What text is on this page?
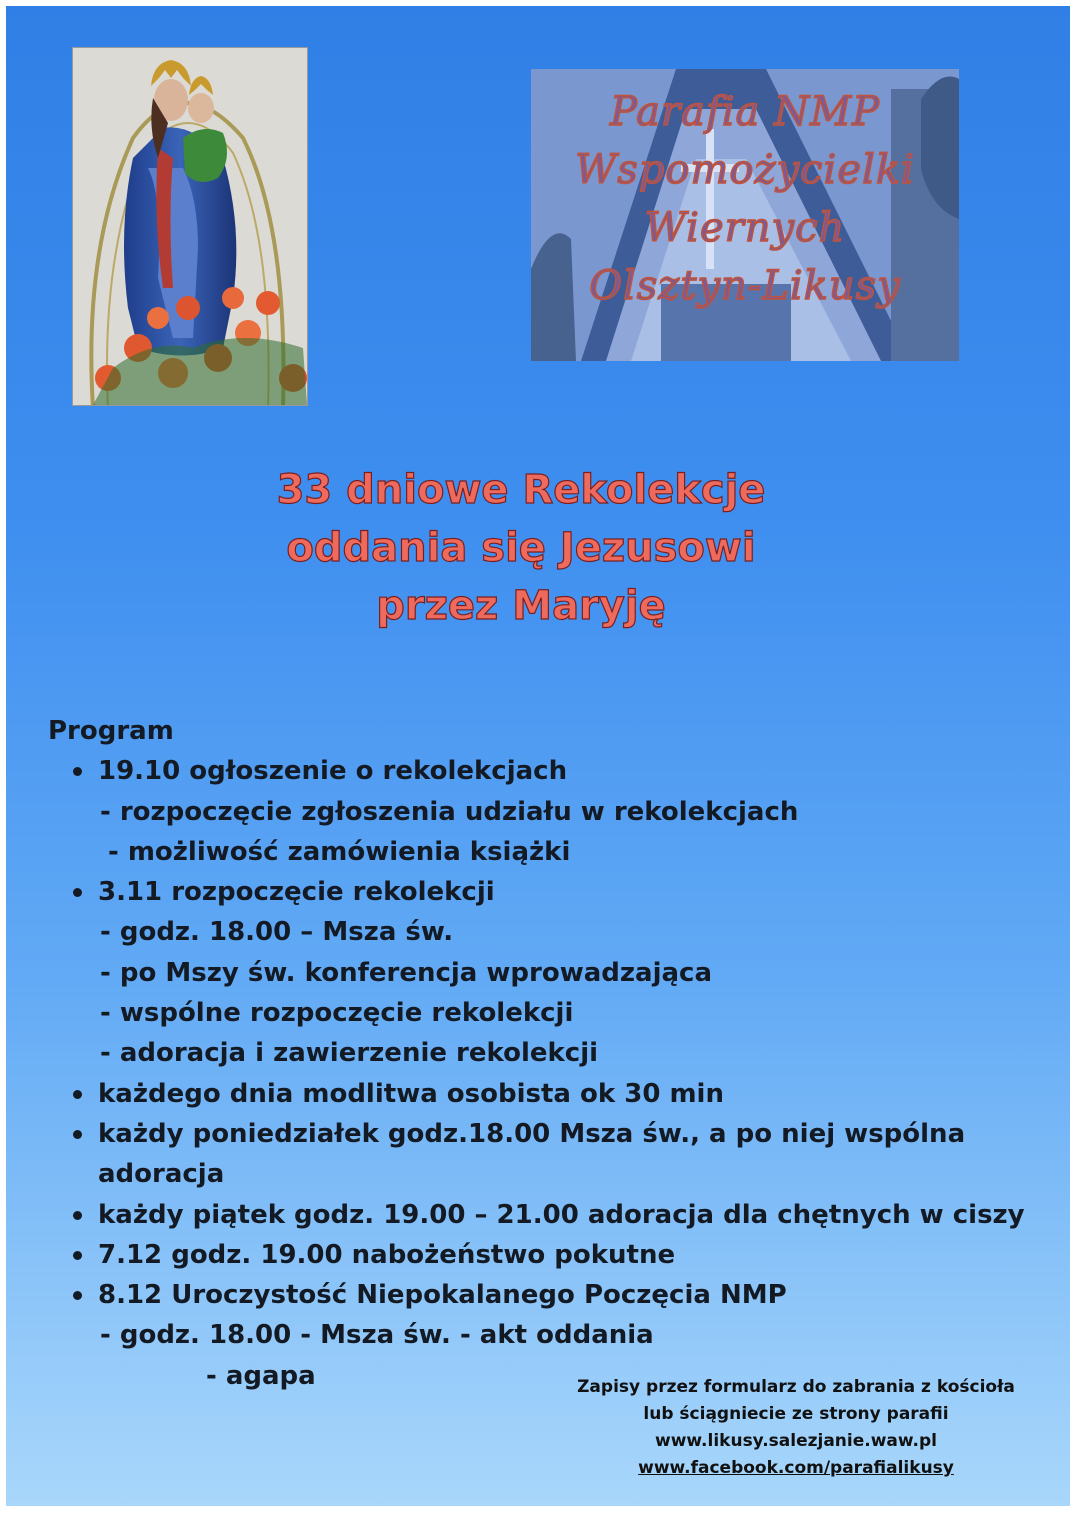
Parafia NMP
Wspomożycielki
Wiernych
Olsztyn-Likusy
33 dniowe Rekolekcje
oddania się Jezusowi
przez Maryję
Program
19.10 ogłoszenie o rekolekcjach
- rozpoczęcie zgłoszenia udziału w rekolekcjach
- możliwość zamówienia książki
3.11 rozpoczęcie rekolekcji
- godz. 18.00 – Msza św.
- po Mszy św. konferencja wprowadzająca
- wspólne rozpoczęcie rekolekcji
- adoracja i zawierzenie rekolekcji
każdego dnia modlitwa osobista ok 30 min
każdy poniedziałek godz.18.00 Msza św., a po niej wspólna
adoracja
każdy piątek godz. 19.00 – 21.00 adoracja dla chętnych w ciszy
7.12 godz. 19.00 nabożeństwo pokutne
8.12 Uroczystość Niepokalanego Poczęcia NMP
- godz. 18.00 - Msza św. - akt oddania
- agapa	Zapisy przez formularz do zabrania z kościoła
lub ściągniecie ze strony parafii
www.likusy.salezjanie.waw.pl
www.facebook.com/parafialikusy
